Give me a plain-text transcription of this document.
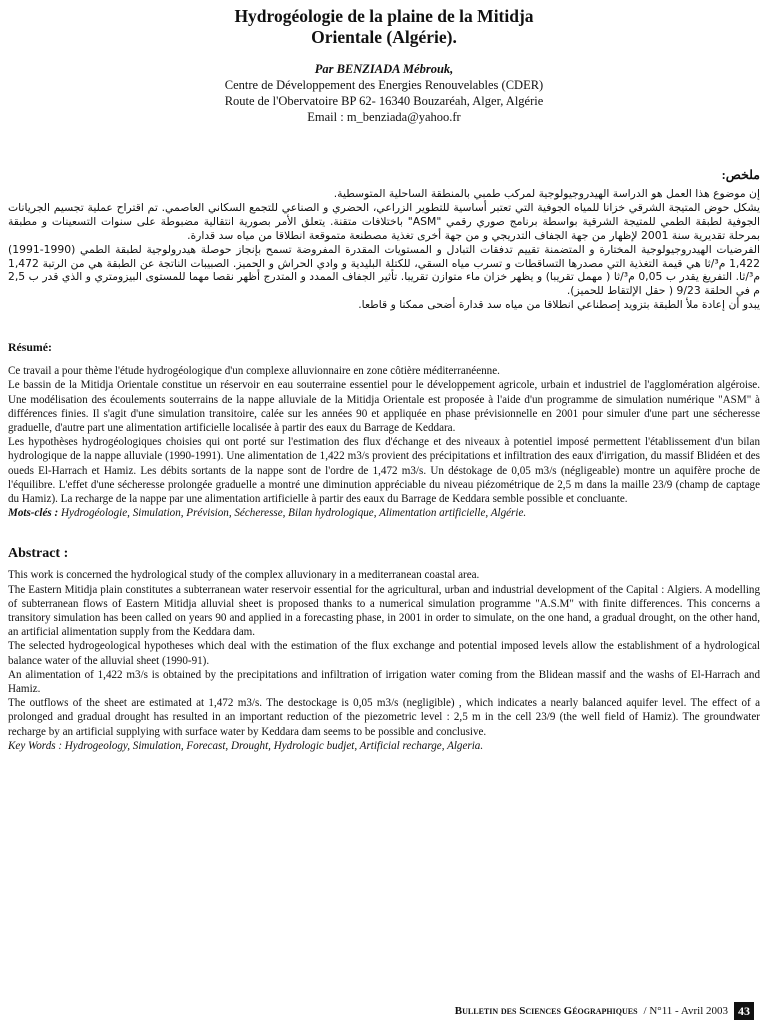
Hydrogéologie de la plaine de la Mitidja
Orientale (Algérie).
Par BENZIADA Mébrouk,
Centre de Développement des Energies Renouvelables (CDER)
Route de l'Obervatoire BP 62- 16340 Bouzaréah, Alger, Algérie
Email : m_benziada@yahoo.fr
ملخص:

إن موضوع هذا العمل هو الدراسة الهيدروجيولوجية لمركب طمبي بالمنطقة الساحلية المتوسطية.

يشكل حوض المتيجة الشرقي خزانا للمياه الجوفية التي تعتبر أساسية للتطوير الزراعي، الحضري و الصناعي للتجمع السكاني العاصمي. تم اقتراح عملية تجسيم الجريانات الجوفية لطبقة الطمي للمتيجة الشرقية بواسطة برنامج صوري رقمي "ASM" باختلافات متقنة. يتعلق الأمر بصورية انتقالية مضبوطة على سنوات التسعينات و مطبقة بمرحلة تقديرية سنة 2001 لإظهار من جهة الجفاف التدريجي و من جهة أخرى تغذية مصطنعة متموقعة انطلاقا من مياه سد قدارة.

الفرضيات الهيدروجيولوجية المختارة و المتضمنة تقييم تدفقات التبادل و المستويات المقدرة المفروضة تسمح بإنجاز حوصلة هيدرولوجية لطبقة الطمي (1990-1991) 1,422 م³/ثا هي قيمة التغذية التي مصدرها التساقطات و تسرب مياه السقي، للكتلة البليدية و وادي الحراش و الحميز. الصبيبات الناتجة عن الطبقة هي من الرتبة 1,472 م³/ثا. التفريغ يقدر ب 0,05 م³/ثا ( مهمل تقريبا) و يظهر خزان ماء متوازن تقريبا. تأثير الجفاف الممدد و المتدرج أظهر نقصا مهما للمستوى البيزومتري و الذي قدر ب 2,5 م في الحلقة 9/23 ( حقل الإلتقاط للحميز).

يبدو أن إعادة ملأ الطبقة بتزويد إصطناعي انطلاقا من مياه سد قدارة أضحى ممكنا و قاطعا.

Résumé:

Ce travail a pour thème l'étude hydrogéologique d'un complexe alluvionnaire en zone côtière méditerranéenne.

Le bassin de la Mitidja Orientale constitue un réservoir en eau souterraine essentiel pour le développement agricole, urbain et industriel de l'agglomération algéroise. Une modélisation des écoulements souterrains de la nappe alluviale de la Mitidja Orientale est proposée à l'aide d'un programme de simulation numérique "ASM" à différences finies. Il s'agit d'une simulation transitoire, calée sur les années 90 et appliquée en phase prévisionnelle en 2001 pour simuler d'une part une sécheresse graduelle, d'autre part une alimentation artificielle localisée à partir des eaux du Barrage de Keddara.

Les hypothèses hydrogéologiques choisies qui ont porté sur l'estimation des flux d'échange et des niveaux à potentiel imposé permettent l'établissement d'un bilan hydrologique de la nappe alluviale (1990-1991). Une alimentation de 1,422 m3/s provient des précipitations et infiltration des eaux d'irrigation, du massif Blidéen et des oueds El-Harrach et Hamiz. Les débits sortants de la nappe sont de l'ordre de 1,472 m3/s. Un déstokage de 0,05 m3/s (négligeable) montre un aquifère proche de l'équilibre. L'effet d'une sécheresse prolongée graduelle a montré une diminution appréciable du niveau piézométrique de 2,5 m dans la maille 23/9 (champ de captage du Hamiz). La recharge de la nappe par une alimentation artificielle à partir des eaux du Barrage de Keddara semble possible et concluante.

Mots-clés : Hydrogéologie, Simulation, Prévision, Sécheresse, Bilan hydrologique, Alimentation artificielle, Algérie.

Abstract :

This work is concerned the hydrological study of the complex alluvionary in a mediterranean coastal area.

The Eastern Mitidja plain constitutes a subterranean water reservoir essential for the agricultural, urban and industrial development of the Capital : Algiers. A modelling of subterranean flows of Eastern Mitidja alluvial sheet is proposed thanks to a numerical simulation programme "A.S.M" with finite differences. This concerns a transitory simulation has been called on years 90 and applied in a forecasting phase, in 2001 in order to simulate, on the one hand, a gradual drought, on the other hand, an artificial alimentation supply from the Keddara dam.

The selected hydrogeological hypotheses which deal with the estimation of the flux exchange and potential imposed levels allow the establishment of a hydrological balance water of the alluvial sheet (1990-91).

An alimentation of 1,422 m3/s is obtained by the precipitations and infiltration of irrigation water coming from the Blidean massif and the washs of El-Harrach and Hamiz.

The outflows of the sheet are estimated at 1,472 m3/s. The destockage is 0,05 m3/s (negligible) , which indicates a nearly balanced aquifer level. The effect of a prolonged and gradual drought has resulted in an important reduction of the piezometric level : 2,5 m in the cell 23/9 (the well field of Hamiz). The groundwater recharge by an artificial supplying with surface water by Keddara dam seems to be possible and conclusive.

Key Words : Hydrogeology, Simulation, Forecast, Drought, Hydrologic budjet, Artificial recharge, Algeria.

Bulletin des Sciences Géographiques / N°11 - Avril 2003 43
